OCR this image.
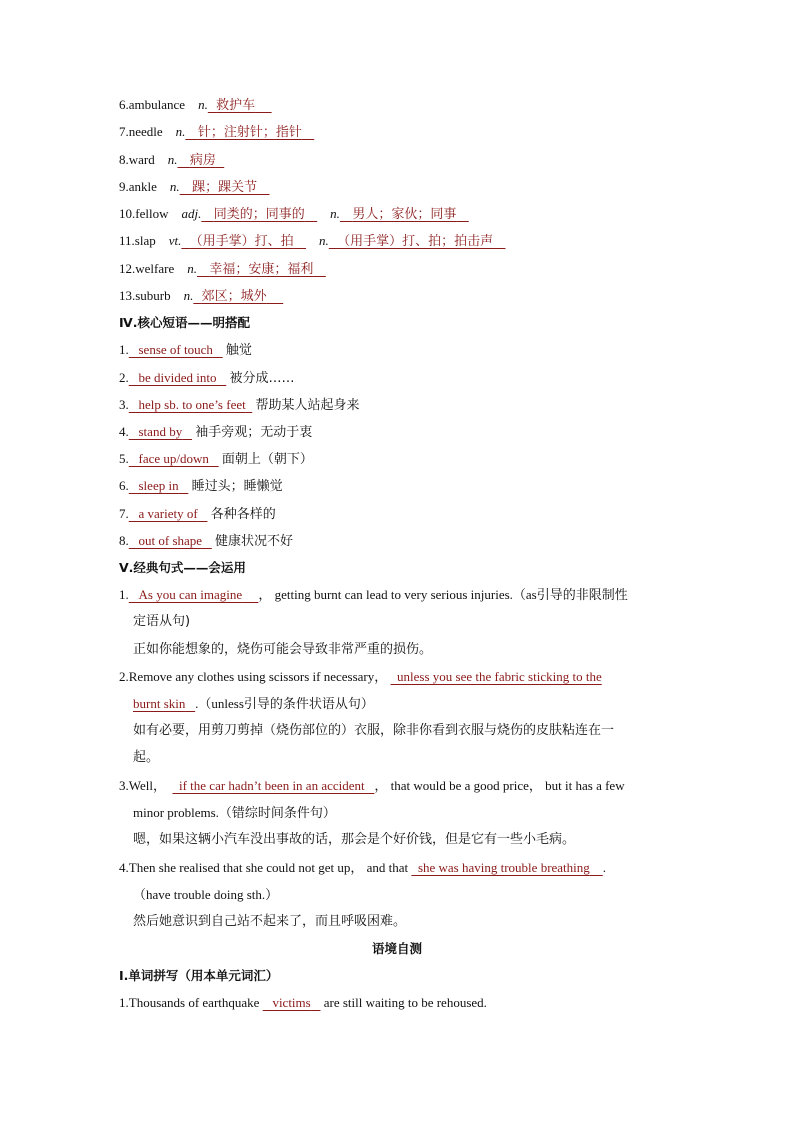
6.ambulance n. 救护车
7.needle n. 针；注射针；指针
8.ward n. 病房
9.ankle n. 踝；踝关节
10.fellow adj. 同类的；同事的 n. 男人；家伙；同事
11.slap vt. （用手掌）打、拍 n. （用手掌）打、拍；拍击声
12.welfare n. 幸福；安康；福利
13.suburb n. 郊区；城外
Ⅳ.核心短语——明搭配
1. sense of touch 触觉
2. be divided into 被分成……
3. help sb. to one’s feet 帮助某人站起身来
4. stand by 袖手旁观；无动于衷
5. face up/down 面朝上（朝下）
6. sleep in 睡过头；睡懒觉
7. a variety of 各种各样的
8. out of shape 健康状况不好
Ⅴ.经典句式——会运用
1. As you can imagine ， getting burnt can lead to very serious injuries.（as引导的非限制性
定语从句)
正如你能想象的，烧伤可能会导致非常严重的损伤。
2.Remove any clothes using scissors if necessary， unless you see the fabric sticking to the
burnt skin .（unless引导的条件状语从句）
如有必要，用剪刀剪掉（烧伤部位的）衣服，除非你看到衣服与烧伤的皮肤粘连在一
起。
3.Well， if the car hadn’t been in an accident ， that would be a good price， but it has a few
minor problems.（错综时间条件句）
嗯，如果这辆小汽车没出事故的话，那会是个好价钱，但是它有一些小毛病。
4.Then she realised that she could not get up， and that she was having trouble breathing .
（have trouble doing sth.）
然后她意识到自己站不起来了，而且呼吸困难。
语境自测
Ⅰ.单词拼写（用本单元词汇）
1.Thousands of earthquake victims are still waiting to be rehoused.
